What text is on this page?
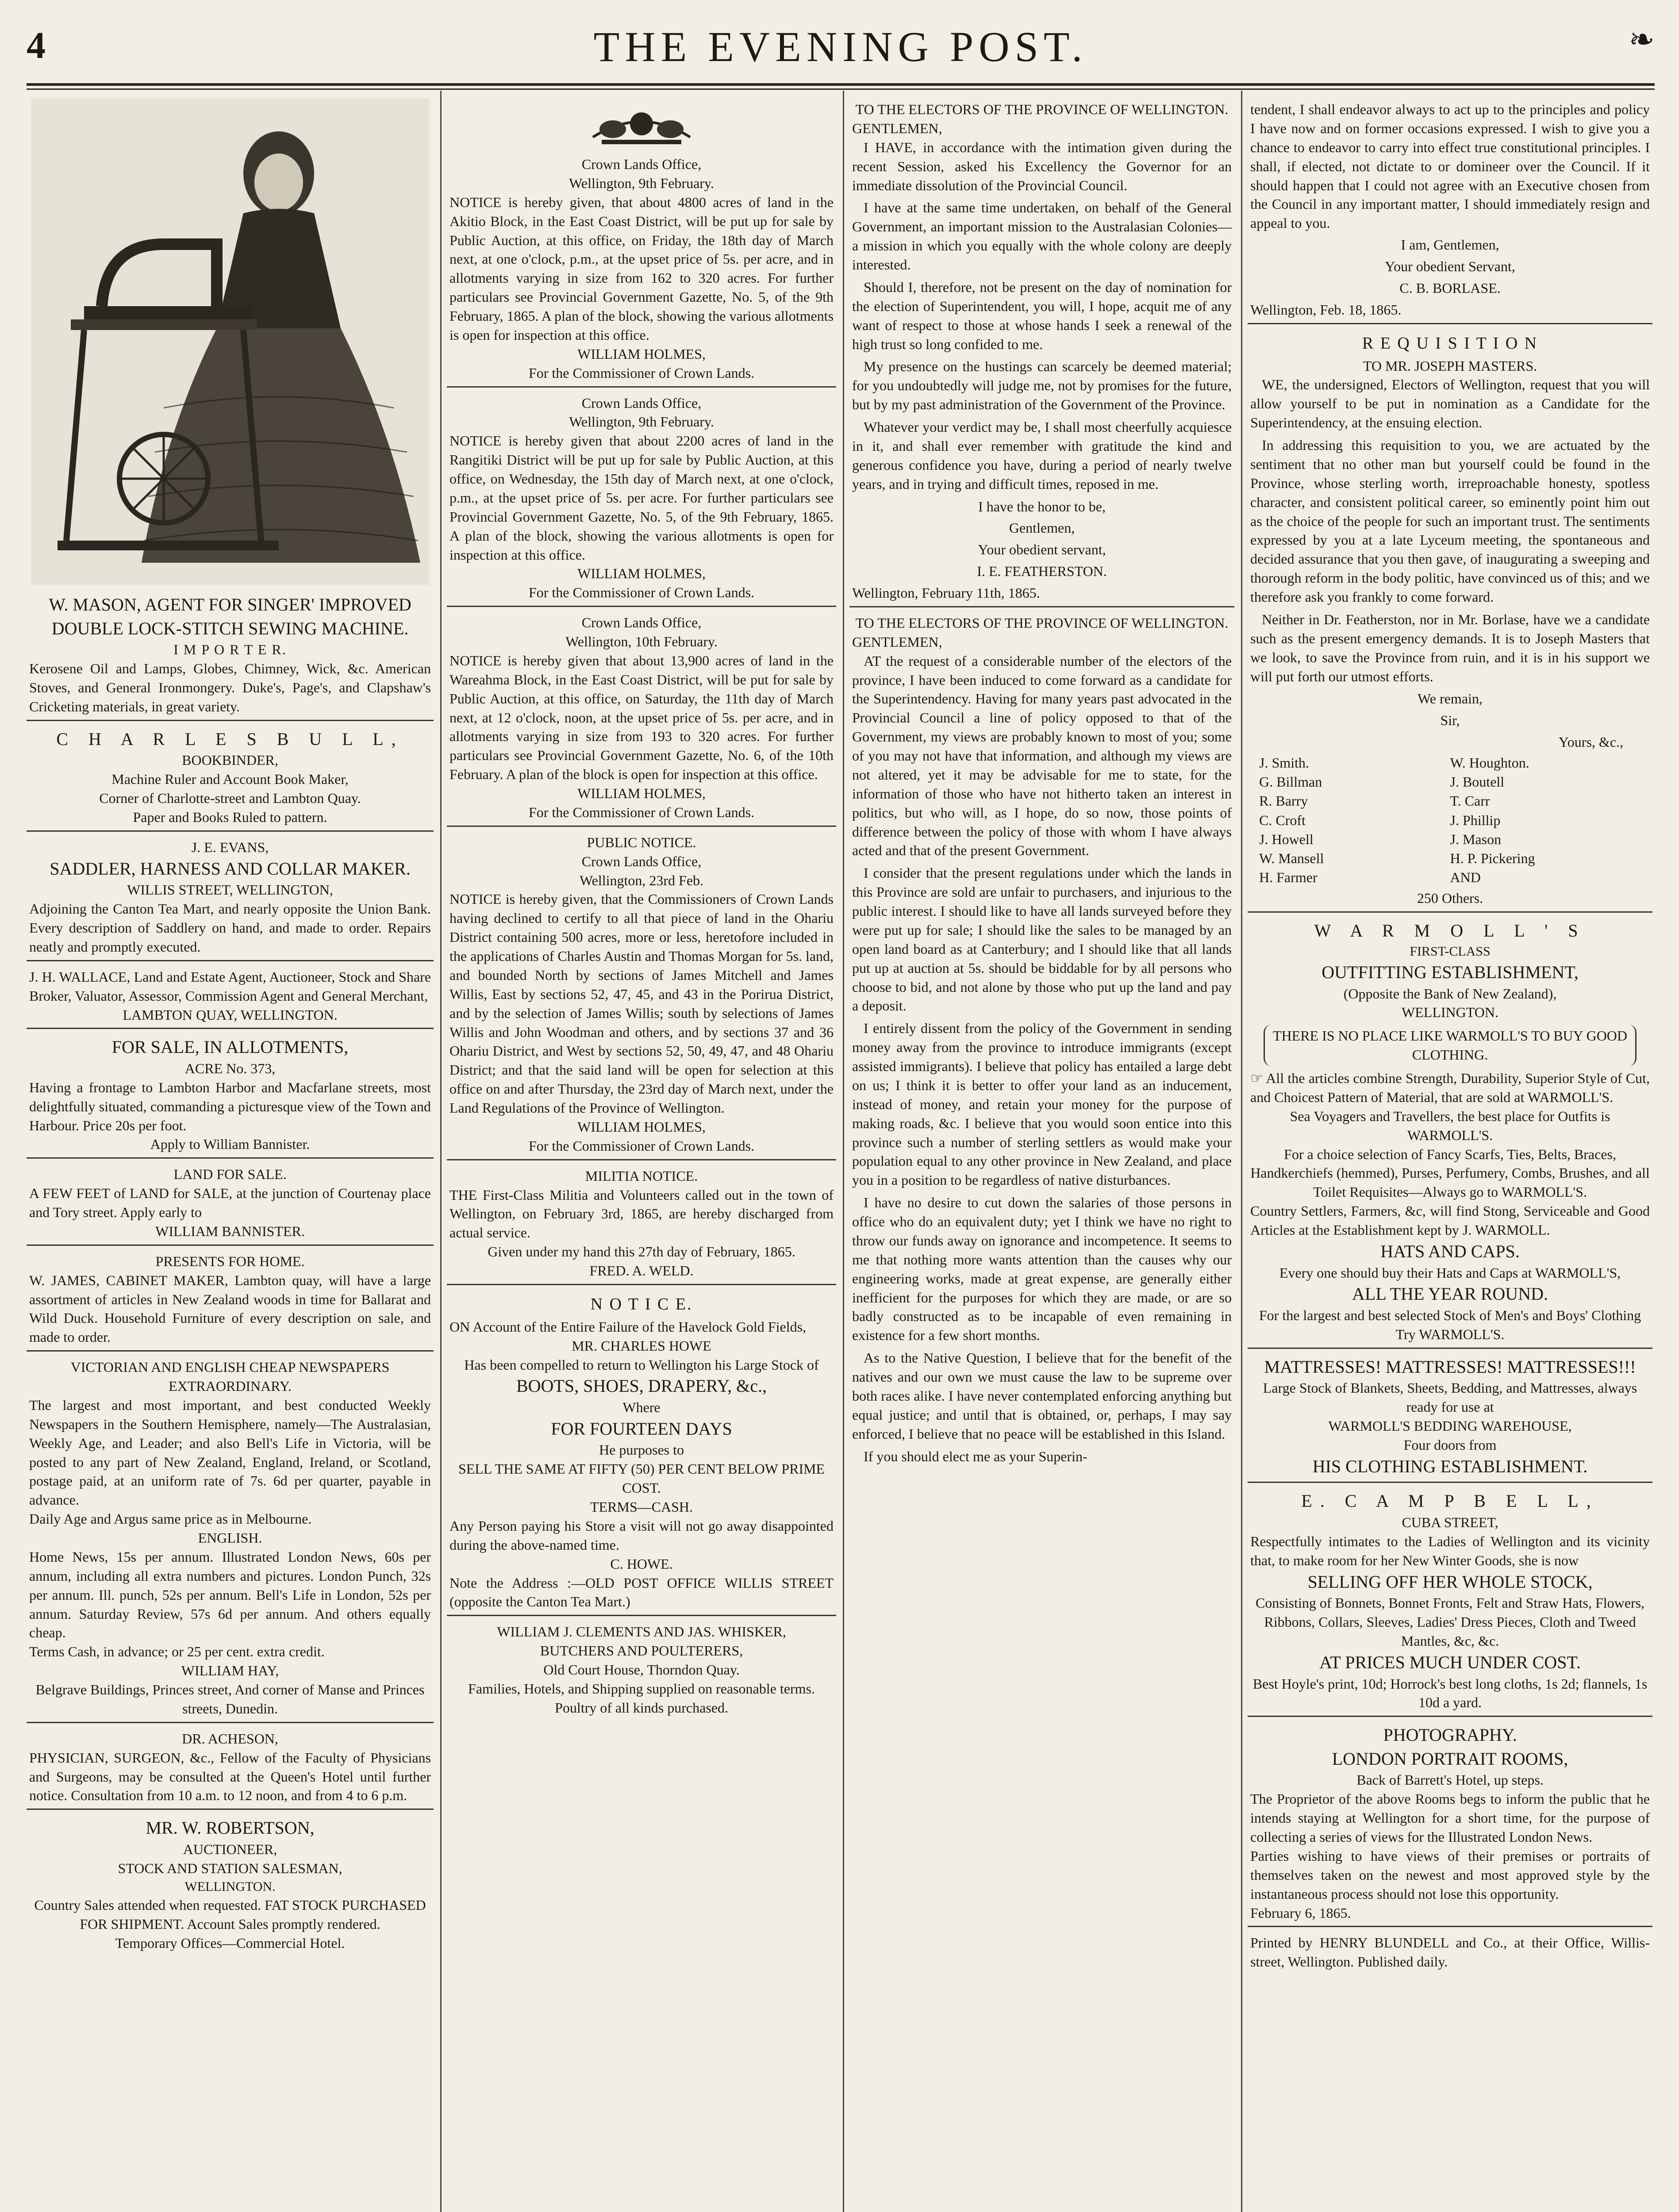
4	THE EVENING POST.	❧
W. MASON, AGENT FOR SINGER' IMPROVED DOUBLE LOCK-STITCH SEWING MACHINE.
I M P O R T E R.

Kerosene Oil and Lamps, Globes, Chimney, Wick, &c. American Stoves, and General Ironmongery. Duke's, Page's, and Clapshaw's Cricketing materials, in great variety.

C H A R L E S B U L L,
BOOKBINDER,
Machine Ruler and Account Book Maker,
Corner of Charlotte-street and Lambton Quay.
Paper and Books Ruled to pattern.
J. E. EVANS,
SADDLER, HARNESS AND COLLAR MAKER.
WILLIS STREET, WELLINGTON,

Adjoining the Canton Tea Mart, and nearly opposite the Union Bank. Every description of Saddlery on hand, and made to order. Repairs neatly and promptly executed.

J. H. WALLACE, Land and Estate Agent, Auctioneer, Stock and Share Broker, Valuator, Assessor, Commission Agent and General Merchant,

LAMBTON QUAY, WELLINGTON.
FOR SALE, IN ALLOTMENTS,
ACRE No. 373,

Having a frontage to Lambton Harbor and Macfarlane streets, most delightfully situated, commanding a picturesque view of the Town and Harbour. Price 20s per foot.

Apply to William Bannister.
LAND FOR SALE.

A FEW FEET of LAND for SALE, at the junction of Courtenay place and Tory street. Apply early to

WILLIAM BANNISTER.
PRESENTS FOR HOME.

W. JAMES, CABINET MAKER, Lambton quay, will have a large assortment of articles in New Zealand woods in time for Ballarat and Wild Duck. Household Furniture of every description on sale, and made to order.

VICTORIAN AND ENGLISH CHEAP NEWSPAPERS EXTRAORDINARY.

The largest and most important, and best conducted Weekly Newspapers in the Southern Hemisphere, namely—The Australasian, Weekly Age, and Leader; and also Bell's Life in Victoria, will be posted to any part of New Zealand, England, Ireland, or Scotland, postage paid, at an uniform rate of 7s. 6d per quarter, payable in advance.

Daily Age and Argus same price as in Melbourne.

ENGLISH.

Home News, 15s per annum. Illustrated London News, 60s per annum, including all extra numbers and pictures. London Punch, 32s per annum. Ill. punch, 52s per annum. Bell's Life in London, 52s per annum. Saturday Review, 57s 6d per annum. And others equally cheap.

Terms Cash, in advance; or 25 per cent. extra credit.

WILLIAM HAY,
Belgrave Buildings, Princes street, And corner of Manse and Princes streets, Dunedin.
DR. ACHESON,

PHYSICIAN, SURGEON, &c., Fellow of the Faculty of Physicians and Surgeons, may be consulted at the Queen's Hotel until further notice. Consultation from 10 a.m. to 12 noon, and from 4 to 6 p.m.

MR. W. ROBERTSON,
AUCTIONEER,
STOCK AND STATION SALESMAN,
WELLINGTON.

Country Sales attended when requested. FAT STOCK PURCHASED FOR SHIPMENT. Account Sales promptly rendered.

Temporary Offices—Commercial Hotel.
Crown Lands Office,
Wellington, 9th February.

NOTICE is hereby given, that about 4800 acres of land in the Akitio Block, in the East Coast District, will be put up for sale by Public Auction, at this office, on Friday, the 18th day of March next, at one o'clock, p.m., at the upset price of 5s. per acre, and in allotments varying in size from 162 to 320 acres. For further particulars see Provincial Government Gazette, No. 5, of the 9th February, 1865. A plan of the block, showing the various allotments is open for inspection at this office.

WILLIAM HOLMES,
For the Commissioner of Crown Lands.
Crown Lands Office,
Wellington, 9th February.

NOTICE is hereby given that about 2200 acres of land in the Rangitiki District will be put up for sale by Public Auction, at this office, on Wednesday, the 15th day of March next, at one o'clock, p.m., at the upset price of 5s. per acre. For further particulars see Provincial Government Gazette, No. 5, of the 9th February, 1865. A plan of the block, showing the various allotments is open for inspection at this office.

WILLIAM HOLMES,
For the Commissioner of Crown Lands.
Crown Lands Office,
Wellington, 10th February.

NOTICE is hereby given that about 13,900 acres of land in the Wareahma Block, in the East Coast District, will be put for sale by Public Auction, at this office, on Saturday, the 11th day of March next, at 12 o'clock, noon, at the upset price of 5s. per acre, and in allotments varying in size from 193 to 320 acres. For further particulars see Provincial Government Gazette, No. 6, of the 10th February. A plan of the block is open for inspection at this office.

WILLIAM HOLMES,
For the Commissioner of Crown Lands.
PUBLIC NOTICE.
Crown Lands Office,
Wellington, 23rd Feb.

NOTICE is hereby given, that the Commissioners of Crown Lands having declined to certify to all that piece of land in the Ohariu District containing 500 acres, more or less, heretofore included in the applications of Charles Austin and Thomas Morgan for 5s. land, and bounded North by sections of James Mitchell and James Willis, East by sections 52, 47, 45, and 43 in the Porirua District, and by the selection of James Willis; south by selections of James Willis and John Woodman and others, and by sections 37 and 36 Ohariu District, and West by sections 52, 50, 49, 47, and 48 Ohariu District; and that the said land will be open for selection at this office on and after Thursday, the 23rd day of March next, under the Land Regulations of the Province of Wellington.

WILLIAM HOLMES,
For the Commissioner of Crown Lands.
MILITIA NOTICE.

THE First-Class Militia and Volunteers called out in the town of Wellington, on February 3rd, 1865, are hereby discharged from actual service.

Given under my hand this 27th day of February, 1865.

FRED. A. WELD.
N O T I C E.

ON Account of the Entire Failure of the Havelock Gold Fields,

MR. CHARLES HOWE
Has been compelled to return to Wellington his Large Stock of
BOOTS, SHOES, DRAPERY, &c.,
Where
FOR FOURTEEN DAYS
He purposes to
SELL THE SAME AT FIFTY (50) PER CENT BELOW PRIME COST.
TERMS—CASH.

Any Person paying his Store a visit will not go away disappointed during the above-named time.

C. HOWE.

Note the Address :—OLD POST OFFICE WILLIS STREET (opposite the Canton Tea Mart.)

WILLIAM J. CLEMENTS AND JAS. WHISKER,
BUTCHERS AND POULTERERS,
Old Court House, Thorndon Quay.
Families, Hotels, and Shipping supplied on reasonable terms.
Poultry of all kinds purchased.
TO THE ELECTORS OF THE PROVINCE OF WELLINGTON.
GENTLEMEN,

I HAVE, in accordance with the intimation given during the recent Session, asked his Excellency the Governor for an immediate dissolution of the Provincial Council.

I have at the same time undertaken, on behalf of the General Government, an important mission to the Australasian Colonies—a mission in which you equally with the whole colony are deeply interested.

Should I, therefore, not be present on the day of nomination for the election of Superintendent, you will, I hope, acquit me of any want of respect to those at whose hands I seek a renewal of the high trust so long confided to me.

My presence on the hustings can scarcely be deemed material; for you undoubtedly will judge me, not by promises for the future, but by my past administration of the Government of the Province.

Whatever your verdict may be, I shall most cheerfully acquiesce in it, and shall ever remember with gratitude the kind and generous confidence you have, during a period of nearly twelve years, and in trying and difficult times, reposed in me.

I have the honor to be,
Gentlemen,
Your obedient servant,
I. E. FEATHERSTON.
Wellington, February 11th, 1865.
TO THE ELECTORS OF THE PROVINCE OF WELLINGTON.
GENTLEMEN,

AT the request of a considerable number of the electors of the province, I have been induced to come forward as a candidate for the Superintendency. Having for many years past advocated in the Provincial Council a line of policy opposed to that of the Government, my views are probably known to most of you; some of you may not have that information, and although my views are not altered, yet it may be advisable for me to state, for the information of those who have not hitherto taken an interest in politics, but who will, as I hope, do so now, those points of difference between the policy of those with whom I have always acted and that of the present Government.

I consider that the present regulations under which the lands in this Province are sold are unfair to purchasers, and injurious to the public interest. I should like to have all lands surveyed before they were put up for sale; I should like the sales to be managed by an open land board as at Canterbury; and I should like that all lands put up at auction at 5s. should be biddable for by all persons who choose to bid, and not alone by those who put up the land and pay a deposit.

I entirely dissent from the policy of the Government in sending money away from the province to introduce immigrants (except assisted immigrants). I believe that policy has entailed a large debt on us; I think it is better to offer your land as an inducement, instead of money, and retain your money for the purpose of making roads, &c. I believe that you would soon entice into this province such a number of sterling settlers as would make your population equal to any other province in New Zealand, and place you in a position to be regardless of native disturbances.

I have no desire to cut down the salaries of those persons in office who do an equivalent duty; yet I think we have no right to throw our funds away on ignorance and incompetence. It seems to me that nothing more wants attention than the causes why our engineering works, made at great expense, are generally either inefficient for the purposes for which they are made, or are so badly constructed as to be incapable of even remaining in existence for a few short months.

As to the Native Question, I believe that for the benefit of the natives and our own we must cause the law to be supreme over both races alike. I have never contemplated enforcing anything but equal justice; and until that is obtained, or, perhaps, I may say enforced, I believe that no peace will be established in this Island.

If you should elect me as your Superin-

tendent, I shall endeavor always to act up to the principles and policy I have now and on former occasions expressed. I wish to give you a chance to endeavor to carry into effect true constitutional principles. I shall, if elected, not dictate to or domineer over the Council. If it should happen that I could not agree with an Executive chosen from the Council in any important matter, I should immediately resign and appeal to you.

I am, Gentlemen,
Your obedient Servant,
C. B. BORLASE.
Wellington, Feb. 18, 1865.
R E Q U I S I T I O N
TO MR. JOSEPH MASTERS.

WE, the undersigned, Electors of Wellington, request that you will allow yourself to be put in nomination as a Candidate for the Superintendency, at the ensuing election.

In addressing this requisition to you, we are actuated by the sentiment that no other man but yourself could be found in the Province, whose sterling worth, irreproachable honesty, spotless character, and consistent political career, so eminently point him out as the choice of the people for such an important trust. The sentiments expressed by you at a late Lyceum meeting, the spontaneous and decided assurance that you then gave, of inaugurating a sweeping and thorough reform in the body politic, have convinced us of this; and we therefore ask you frankly to come forward.

Neither in Dr. Featherston, nor in Mr. Borlase, have we a candidate such as the present emergency demands. It is to Joseph Masters that we look, to save the Province from ruin, and it is in his support we will put forth our utmost efforts.

We remain,
Sir,
Yours, &c.,
J. Smith.	W. Houghton.
G. Billman	J. Boutell
R. Barry	T. Carr
C. Croft	J. Phillip
J. Howell	J. Mason
W. Mansell	H. P. Pickering
H. Farmer	AND
250 Others.
W A R M O L L ' S
FIRST-CLASS
OUTFITTING ESTABLISHMENT,
(Opposite the Bank of New Zealand),
WELLINGTON.
THERE IS NO PLACE LIKE WARMOLL'S TO BUY GOOD CLOTHING.

☞ All the articles combine Strength, Durability, Superior Style of Cut, and Choicest Pattern of Material, that are sold at WARMOLL'S.

Sea Voyagers and Travellers, the best place for Outfits is WARMOLL'S.

For a choice selection of Fancy Scarfs, Ties, Belts, Braces, Handkerchiefs (hemmed), Purses, Perfumery, Combs, Brushes, and all Toilet Requisites—Always go to WARMOLL'S.

Country Settlers, Farmers, &c, will find Stong, Serviceable and Good Articles at the Establishment kept by J. WARMOLL.

HATS AND CAPS.

Every one should buy their Hats and Caps at WARMOLL'S,

ALL THE YEAR ROUND.

For the largest and best selected Stock of Men's and Boys' Clothing Try WARMOLL'S.

MATTRESSES! MATTRESSES! MATTRESSES!!!

Large Stock of Blankets, Sheets, Bedding, and Mattresses, always ready for use at

WARMOLL'S BEDDING WAREHOUSE,
Four doors from
HIS CLOTHING ESTABLISHMENT.
E. C A M P B E L L,
CUBA STREET,

Respectfully intimates to the Ladies of Wellington and its vicinity that, to make room for her New Winter Goods, she is now

SELLING OFF HER WHOLE STOCK,

Consisting of Bonnets, Bonnet Fronts, Felt and Straw Hats, Flowers, Ribbons, Collars, Sleeves, Ladies' Dress Pieces, Cloth and Tweed Mantles, &c, &c.

AT PRICES MUCH UNDER COST.

Best Hoyle's print, 10d; Horrock's best long cloths, 1s 2d; flannels, 1s 10d a yard.

PHOTOGRAPHY.
LONDON PORTRAIT ROOMS,
Back of Barrett's Hotel, up steps.

The Proprietor of the above Rooms begs to inform the public that he intends staying at Wellington for a short time, for the purpose of collecting a series of views for the Illustrated London News.

Parties wishing to have views of their premises or portraits of themselves taken on the newest and most approved style by the instantaneous process should not lose this opportunity.

February 6, 1865.

Printed by HENRY BLUNDELL and Co., at their Office, Willis-street, Wellington. Published daily.
